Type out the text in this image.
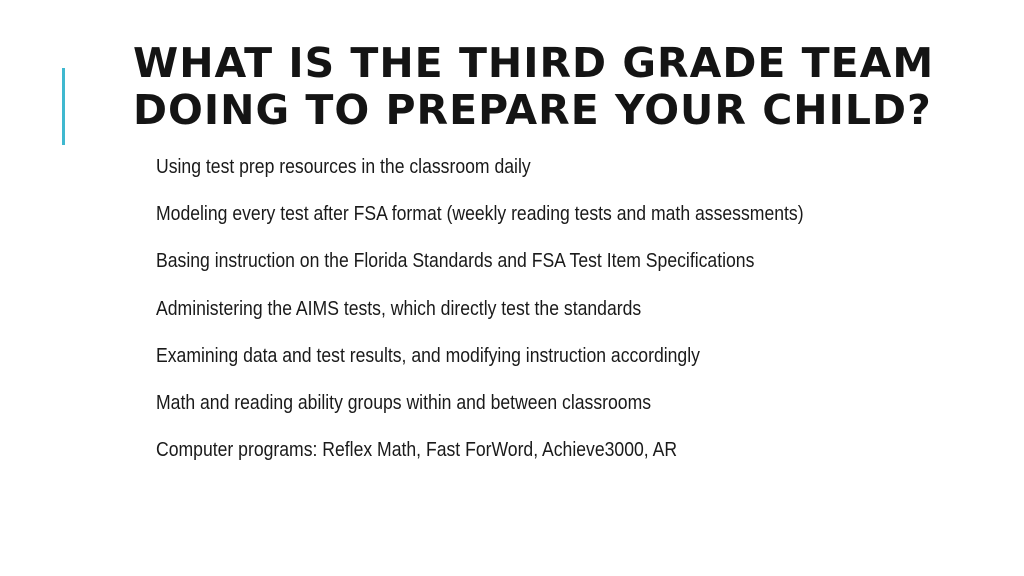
WHAT IS THE THIRD GRADE TEAM
DOING TO PREPARE YOUR CHILD?
Using test prep resources in the classroom daily
Modeling every test after FSA format (weekly reading tests and math assessments)
Basing instruction on the Florida Standards and FSA Test Item Specifications
Administering the AIMS tests, which directly test the standards
Examining data and test results, and modifying instruction accordingly
Math and reading ability groups within and between classrooms
Computer programs: Reflex Math, Fast ForWord, Achieve3000, AR
